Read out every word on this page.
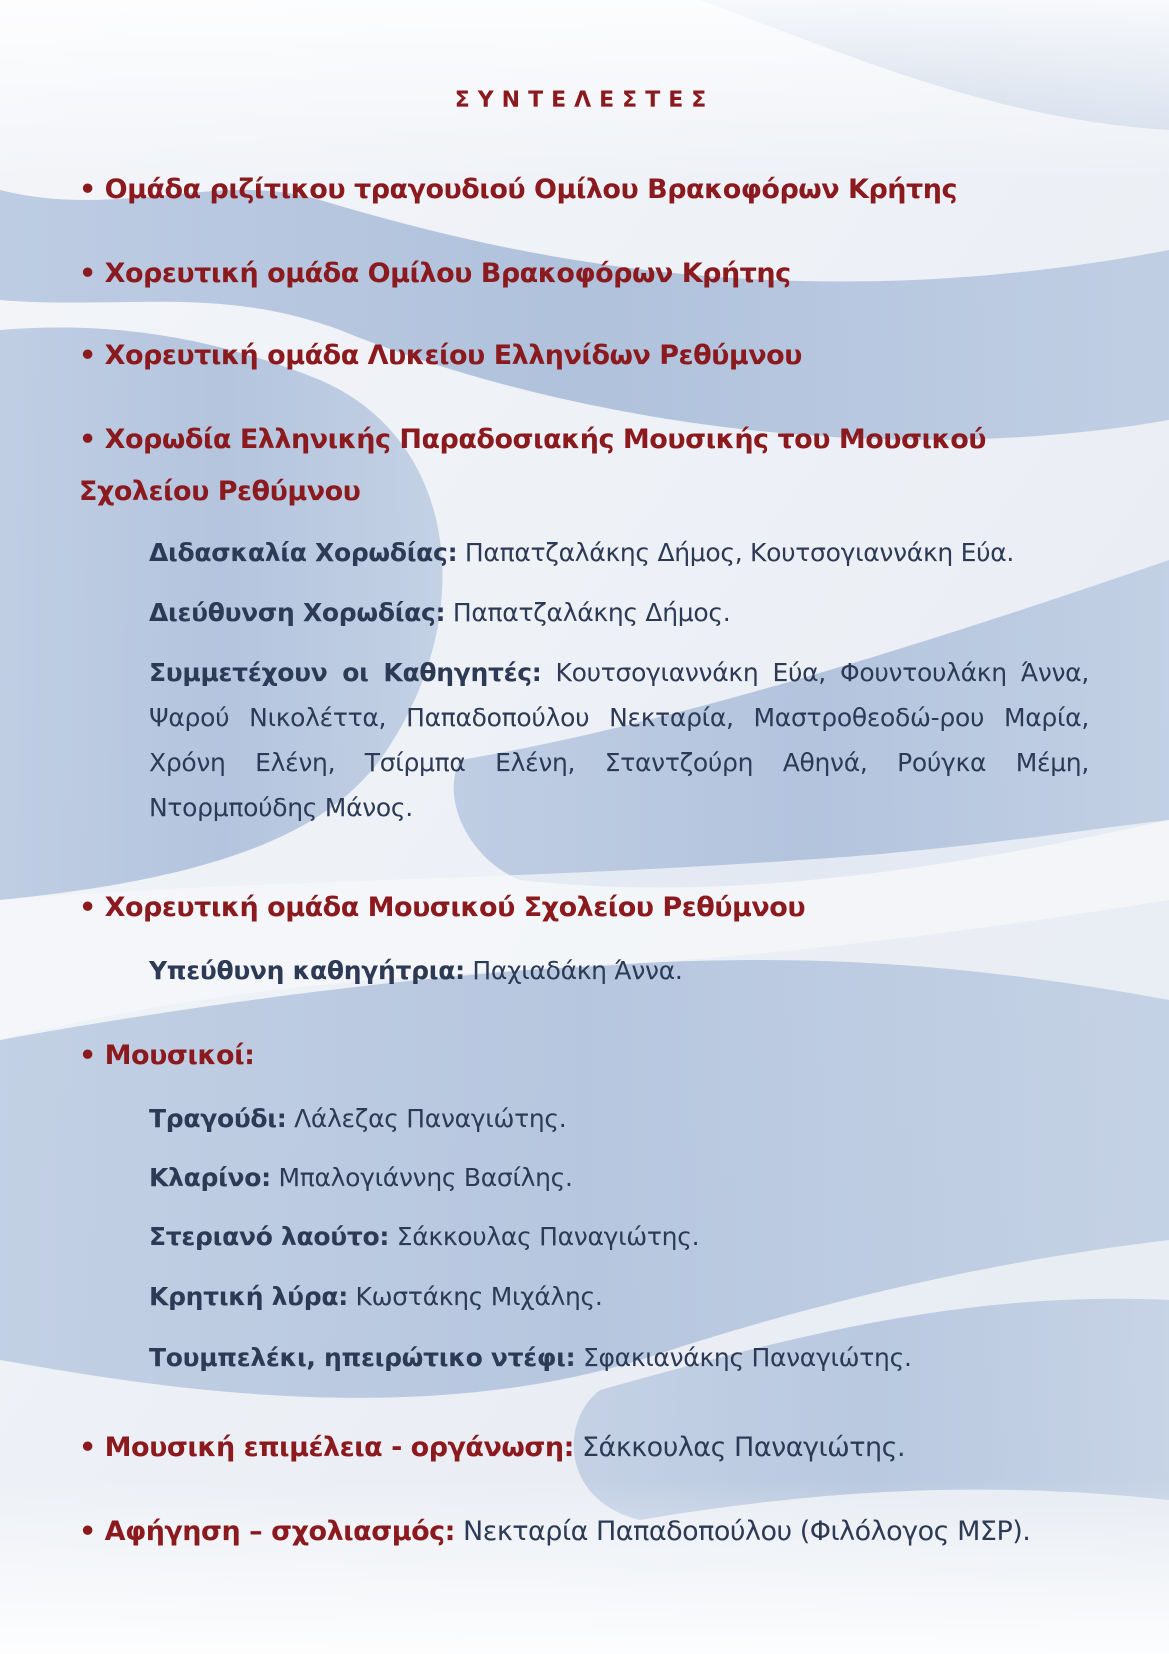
ΣΥΝΤΕΛΕΣΤΕΣ
• Ομάδα ριζίτικου τραγουδιού Ομίλου Βρακοφόρων Κρήτης
• Χορευτική ομάδα Ομίλου Βρακοφόρων Κρήτης
• Χορευτική ομάδα Λυκείου Ελληνίδων Ρεθύμνου
• Χορωδία Ελληνικής Παραδοσιακής Μουσικής του Μουσικού Σχολείου Ρεθύμνου
Διδασκαλία Χορωδίας: Παπατζαλάκης Δήμος, Κουτσογιαννάκη Εύα.
Διεύθυνση Χορωδίας: Παπατζαλάκης Δήμος.
Συμμετέχουν οι Καθηγητές: Κουτσογιαννάκη Εύα, Φουντουλάκη Άννα, Ψαρού Νικολέττα, Παπαδοπούλου Νεκταρία, Μαστροθεοδώ-ρου Μαρία, Χρόνη Ελένη, Τσίρμπα Ελένη, Σταντζούρη Αθηνά, Ρούγκα Μέμη, Ντορμπούδης Μάνος.
• Χορευτική ομάδα Μουσικού Σχολείου Ρεθύμνου
Υπεύθυνη καθηγήτρια: Παχιαδάκη Άννα.
• Μουσικοί:
Τραγούδι: Λάλεζας Παναγιώτης.
Κλαρίνο: Μπαλογιάννης Βασίλης.
Στεριανό λαούτο: Σάκκουλας Παναγιώτης.
Κρητική λύρα: Κωστάκης Μιχάλης.
Τουμπελέκι, ηπειρώτικο ντέφι: Σφακιανάκης Παναγιώτης.
• Μουσική επιμέλεια - οργάνωση: Σάκκουλας Παναγιώτης.
• Αφήγηση – σχολιασμός: Νεκταρία Παπαδοπούλου (Φιλόλογος ΜΣΡ).
